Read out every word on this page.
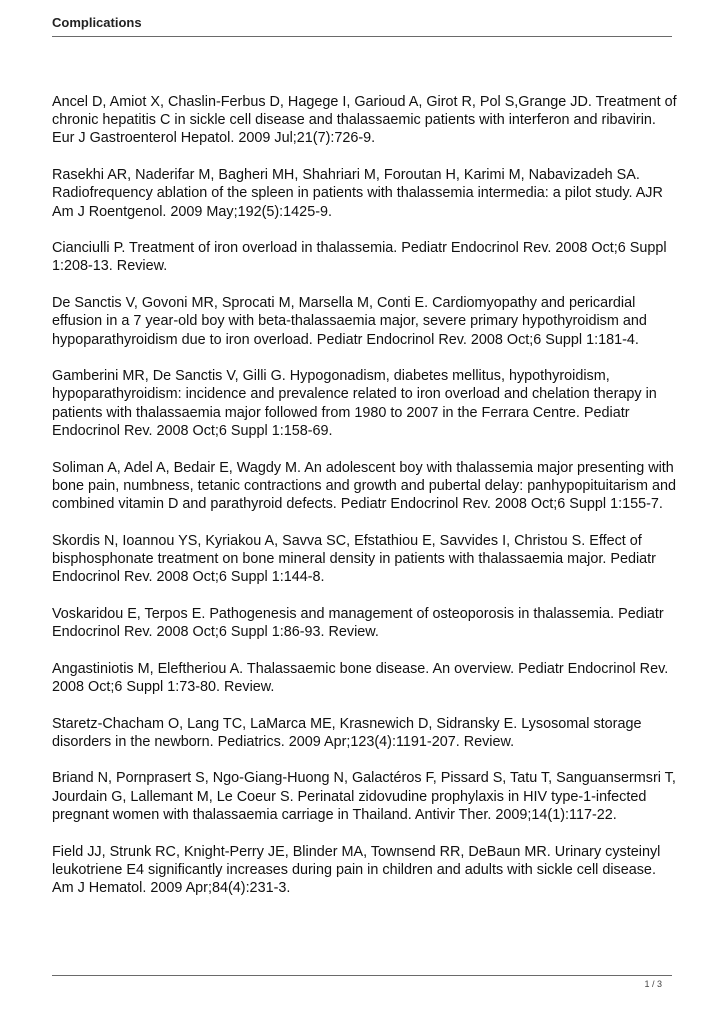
Complications

Ancel D, Amiot X, Chaslin-Ferbus D, Hagege I, Garioud A, Girot R, Pol S,Grange JD. Treatment of chronic hepatitis C in sickle cell disease and thalassaemic patients with interferon and ribavirin. Eur J Gastroenterol Hepatol. 2009 Jul;21(7):726-9.

Rasekhi AR, Naderifar M, Bagheri MH, Shahriari M, Foroutan H, Karimi M, Nabavizadeh SA. Radiofrequency ablation of the spleen in patients with thalassemia intermedia: a pilot study. AJR Am J Roentgenol. 2009 May;192(5):1425-9.

Cianciulli P. Treatment of iron overload in thalassemia. Pediatr Endocrinol Rev. 2008 Oct;6 Suppl 1:208-13. Review.

De Sanctis V, Govoni MR, Sprocati M, Marsella M, Conti E. Cardiomyopathy and pericardial effusion in a 7 year-old boy with beta-thalassaemia major, severe primary hypothyroidism and hypoparathyroidism due to iron overload. Pediatr Endocrinol Rev. 2008 Oct;6 Suppl 1:181-4.

Gamberini MR, De Sanctis V, Gilli G. Hypogonadism, diabetes mellitus, hypothyroidism, hypoparathyroidism: incidence and prevalence related to iron overload and chelation therapy in patients with thalassaemia major followed from 1980 to 2007 in the Ferrara Centre. Pediatr Endocrinol Rev. 2008 Oct;6 Suppl 1:158-69.

Soliman A, Adel A, Bedair E, Wagdy M. An adolescent boy with thalassemia major presenting with bone pain, numbness, tetanic contractions and growth and pubertal delay: panhypopituitarism and combined vitamin D and parathyroid defects. Pediatr Endocrinol Rev. 2008 Oct;6 Suppl 1:155-7.

Skordis N, Ioannou YS, Kyriakou A, Savva SC, Efstathiou E, Savvides I, Christou S. Effect of bisphosphonate treatment on bone mineral density in patients with thalassaemia major. Pediatr Endocrinol Rev. 2008 Oct;6 Suppl 1:144-8.

Voskaridou E, Terpos E. Pathogenesis and management of osteoporosis in thalassemia. Pediatr Endocrinol Rev. 2008 Oct;6 Suppl 1:86-93. Review.

Angastiniotis M, Eleftheriou A. Thalassaemic bone disease. An overview. Pediatr Endocrinol Rev. 2008 Oct;6 Suppl 1:73-80. Review.

Staretz-Chacham O, Lang TC, LaMarca ME, Krasnewich D, Sidransky E. Lysosomal storage disorders in the newborn. Pediatrics. 2009 Apr;123(4):1191-207. Review.

Briand N, Pornprasert S, Ngo-Giang-Huong N, Galactéros F, Pissard S, Tatu T, Sanguansermsri T, Jourdain G, Lallemant M, Le Coeur S. Perinatal zidovudine prophylaxis in HIV type-1-infected pregnant women with thalassaemia carriage in Thailand. Antivir Ther. 2009;14(1):117-22.

Field JJ, Strunk RC, Knight-Perry JE, Blinder MA, Townsend RR, DeBaun MR. Urinary cysteinyl leukotriene E4 significantly increases during pain in children and adults with sickle cell disease. Am J Hematol. 2009 Apr;84(4):231-3.

1 / 3
